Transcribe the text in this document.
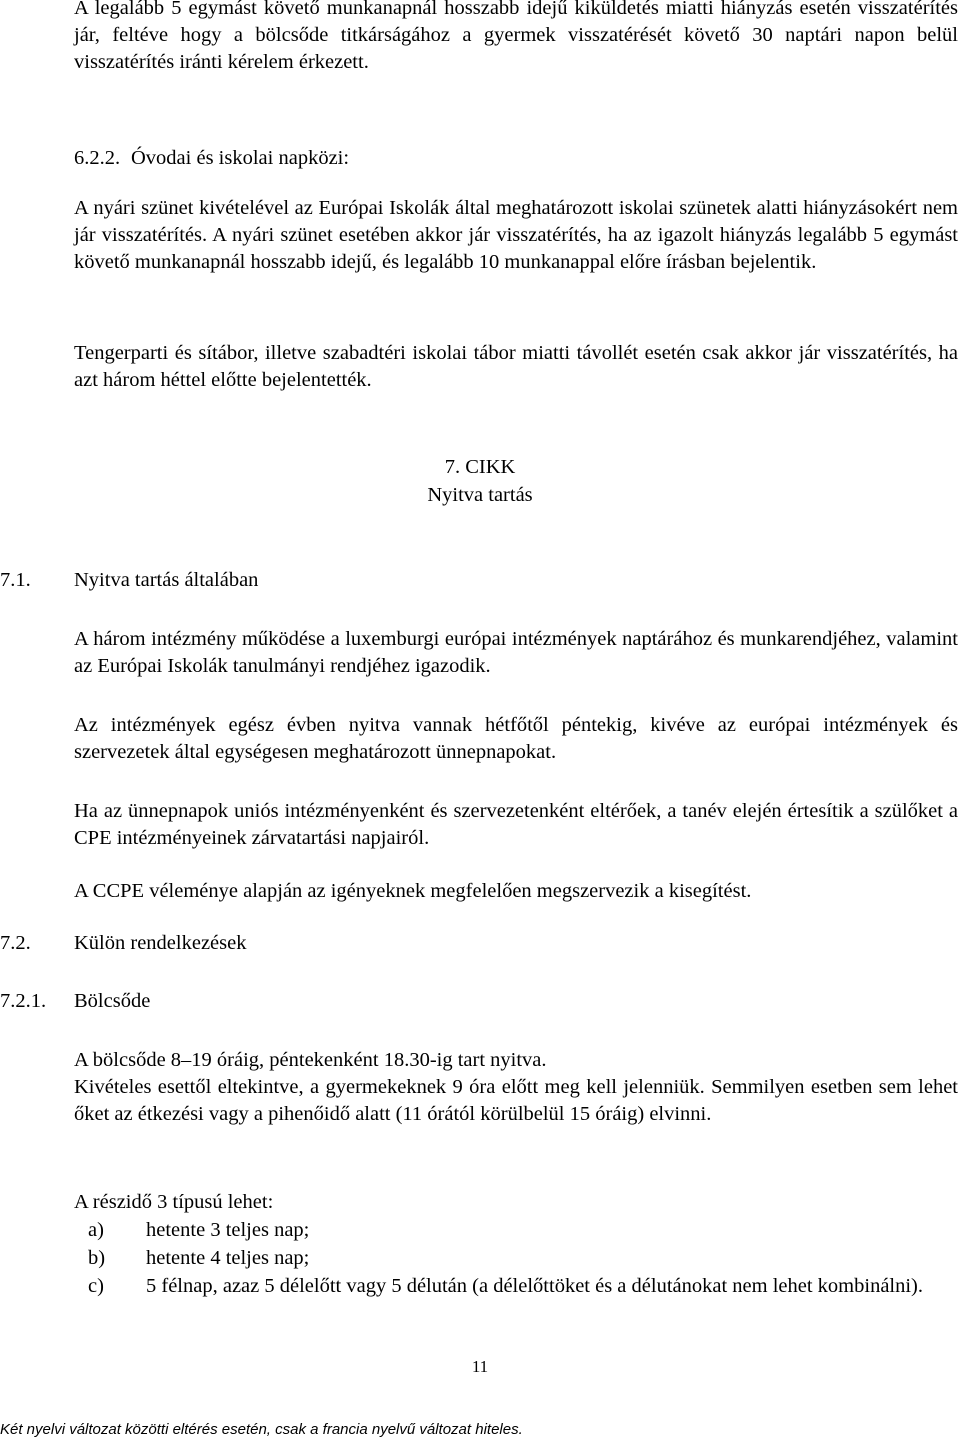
A legalább 5 egymást követő munkanapnál hosszabb idejű kiküldetés miatti hiányzás esetén visszatérítés jár, feltéve hogy a bölcsőde titkárságához a gyermek visszatérését követő 30 naptári napon belül visszatérítés iránti kérelem érkezett.

6.2.2. Óvodai és iskolai napközi:

A nyári szünet kivételével az Európai Iskolák által meghatározott iskolai szünetek alatti hiányzásokért nem jár visszatérítés. A nyári szünet esetében akkor jár visszatérítés, ha az igazolt hiányzás legalább 5 egymást követő munkanapnál hosszabb idejű, és legalább 10 munkanappal előre írásban bejelentik.

Tengerparti és sítábor, illetve szabadtéri iskolai tábor miatti távollét esetén csak akkor jár visszatérítés, ha azt három héttel előtte bejelentették.

7. CIKK
Nyitva tartás
7.1. Nyitva tartás általában

A három intézmény működése a luxemburgi európai intézmények naptárához és munkarendjéhez, valamint az Európai Iskolák tanulmányi rendjéhez igazodik.

Az intézmények egész évben nyitva vannak hétfőtől péntekig, kivéve az európai intézmények és szervezetek által egységesen meghatározott ünnepnapokat.

Ha az ünnepnapok uniós intézményenként és szervezetenként eltérőek, a tanév elején értesítik a szülőket a CPE intézményeinek zárvatartási napjairól.

A CCPE véleménye alapján az igényeknek megfelelően megszervezik a kisegítést.

7.2. Külön rendelkezések
7.2.1. Bölcsőde

A bölcsőde 8–19 óráig, péntekenként 18.30-ig tart nyitva.

Kivételes esettől eltekintve, a gyermekeknek 9 óra előtt meg kell jelenniük. Semmilyen esetben sem lehet őket az étkezési vagy a pihenőidő alatt (11 órától körülbelül 15 óráig) elvinni.

A részidő 3 típusú lehet:

a) hetente 3 teljes nap;
b) hetente 4 teljes nap;
c) 5 félnap, azaz 5 délelőtt vagy 5 délután (a délelőttöket és a délutánokat nem lehet kombinálni).
11
Két nyelvi változat közötti eltérés esetén, csak a francia nyelvű változat hiteles.
